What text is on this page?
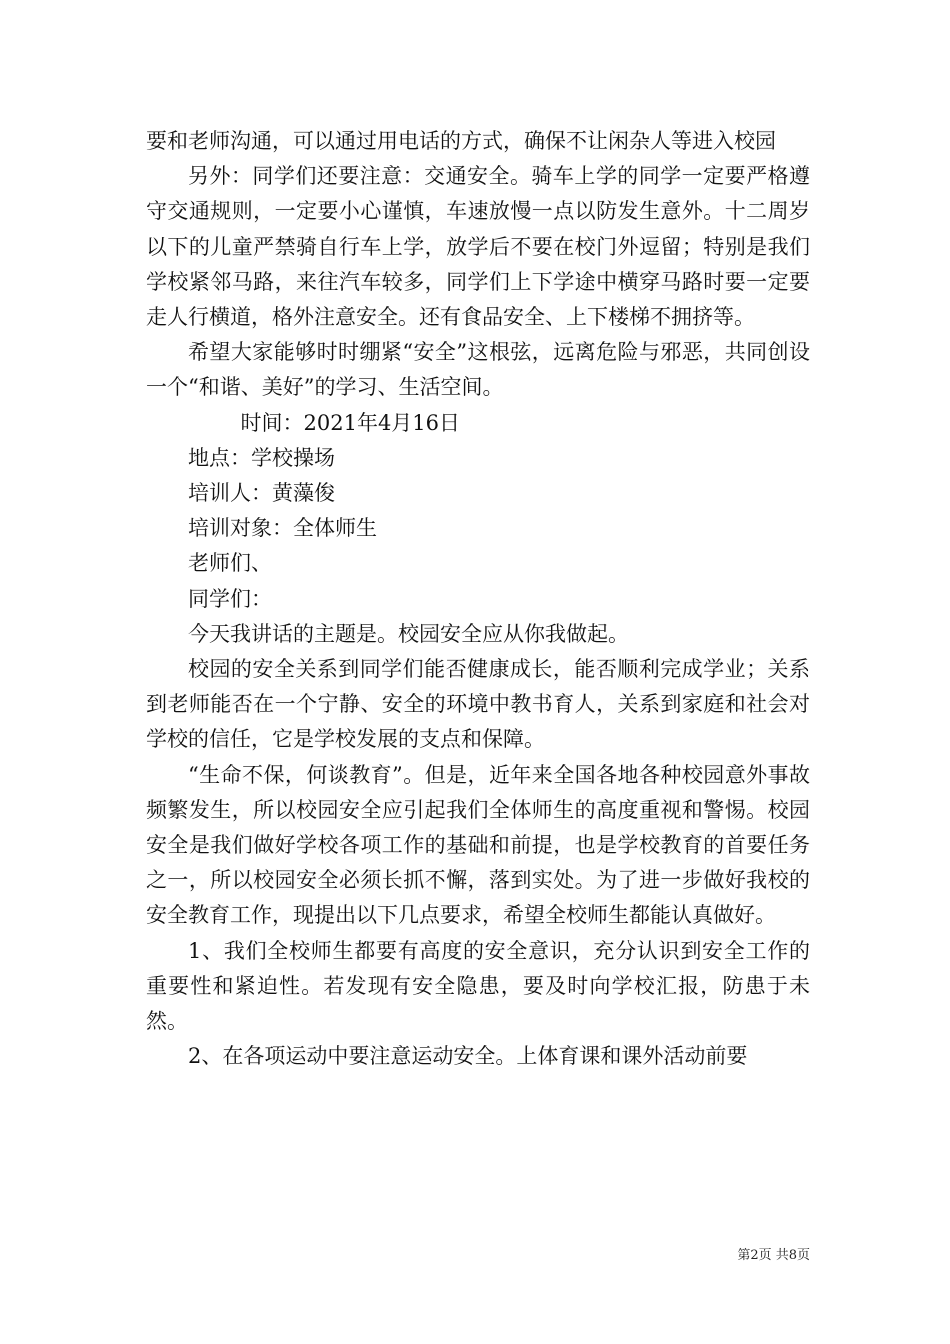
要和老师沟通，可以通过用电话的方式，确保不让闲杂人等进入校园

另外：同学们还要注意：交通安全。骑车上学的同学一定要严格遵守交通规则，一定要小心谨慎，车速放慢一点以防发生意外。十二周岁以下的儿童严禁骑自行车上学，放学后不要在校门外逗留；特别是我们学校紧邻马路，来往汽车较多，同学们上下学途中横穿马路时要一定要走人行横道，格外注意安全。还有食品安全、上下楼梯不拥挤等。

希望大家能够时时绷紧“安全”这根弦，远离危险与邪恶，共同创设一个“和谐、美好”的学习、生活空间。

时间：2021年4月16日

地点：学校操场

培训人：黄藻俊

培训对象：全体师生

老师们、

同学们：

今天我讲话的主题是。校园安全应从你我做起。

校园的安全关系到同学们能否健康成长，能否顺利完成学业；关系到老师能否在一个宁静、安全的环境中教书育人，关系到家庭和社会对学校的信任，它是学校发展的支点和保障。

“生命不保，何谈教育”。但是，近年来全国各地各种校园意外事故频繁发生，所以校园安全应引起我们全体师生的高度重视和警惕。校园安全是我们做好学校各项工作的基础和前提，也是学校教育的首要任务之一，所以校园安全必须长抓不懈，落到实处。为了进一步做好我校的安全教育工作，现提出以下几点要求，希望全校师生都能认真做好。

1、我们全校师生都要有高度的安全意识，充分认识到安全工作的重要性和紧迫性。若发现有安全隐患，要及时向学校汇报，防患于未然。

2、在各项运动中要注意运动安全。上体育课和课外活动前要

第2页 共8页
